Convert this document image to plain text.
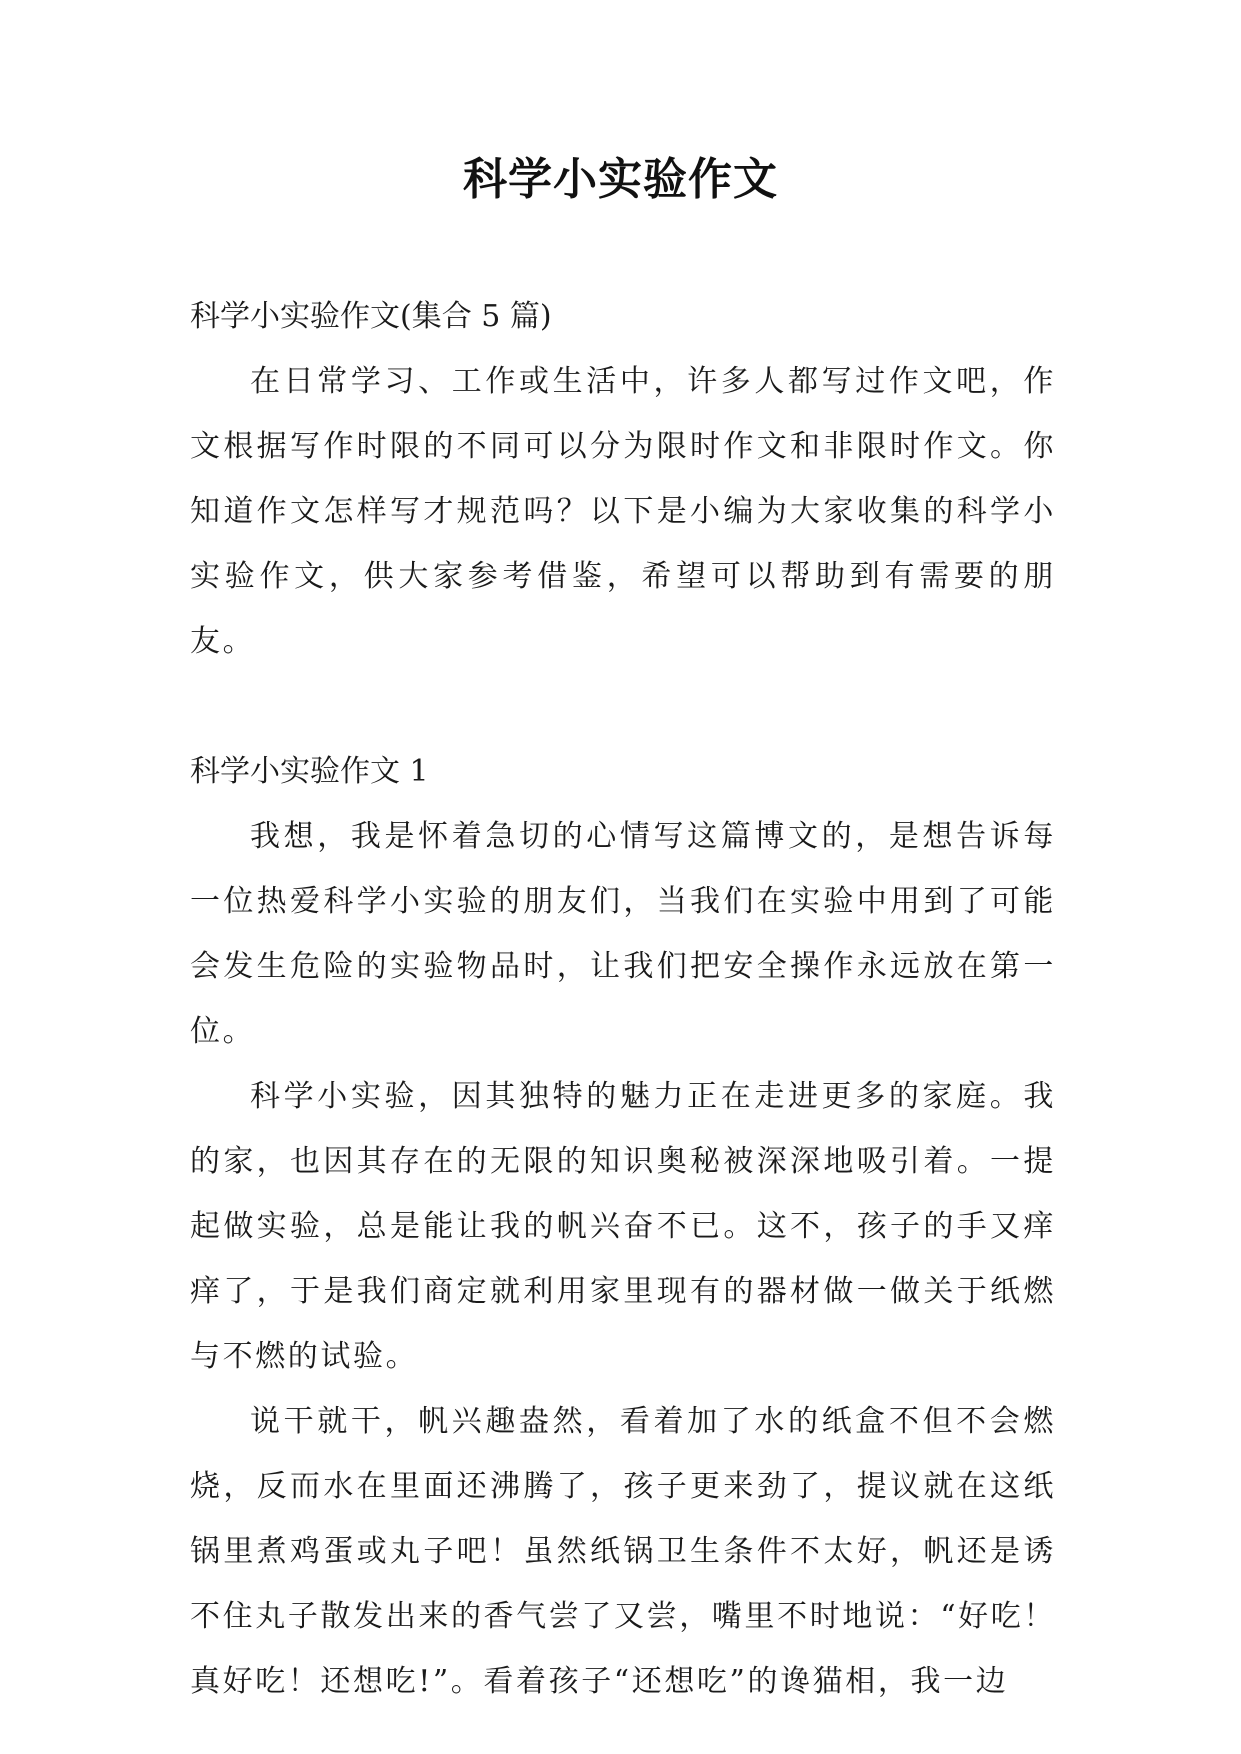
科学小实验作文

科学小实验作文(集合 5 篇)

在日常学习、工作或生活中，许多人都写过作文吧，作文根据写作时限的不同可以分为限时作文和非限时作文。你知道作文怎样写才规范吗？以下是小编为大家收集的科学小实验作文，供大家参考借鉴，希望可以帮助到有需要的朋友。

科学小实验作文 1

我想，我是怀着急切的心情写这篇博文的，是想告诉每一位热爱科学小实验的朋友们，当我们在实验中用到了可能会发生危险的实验物品时，让我们把安全操作永远放在第一位。

科学小实验，因其独特的魅力正在走进更多的家庭。我的家，也因其存在的无限的知识奥秘被深深地吸引着。一提起做实验，总是能让我的帆兴奋不已。这不，孩子的手又痒痒了，于是我们商定就利用家里现有的器材做一做关于纸燃与不燃的试验。

说干就干，帆兴趣盎然，看着加了水的纸盒不但不会燃烧，反而水在里面还沸腾了，孩子更来劲了，提议就在这纸锅里煮鸡蛋或丸子吧！虽然纸锅卫生条件不太好，帆还是诱不住丸子散发出来的香气尝了又尝，嘴里不时地说：“好吃！真好吃！还想吃!”。看着孩子“还想吃”的谗猫相，我一边
